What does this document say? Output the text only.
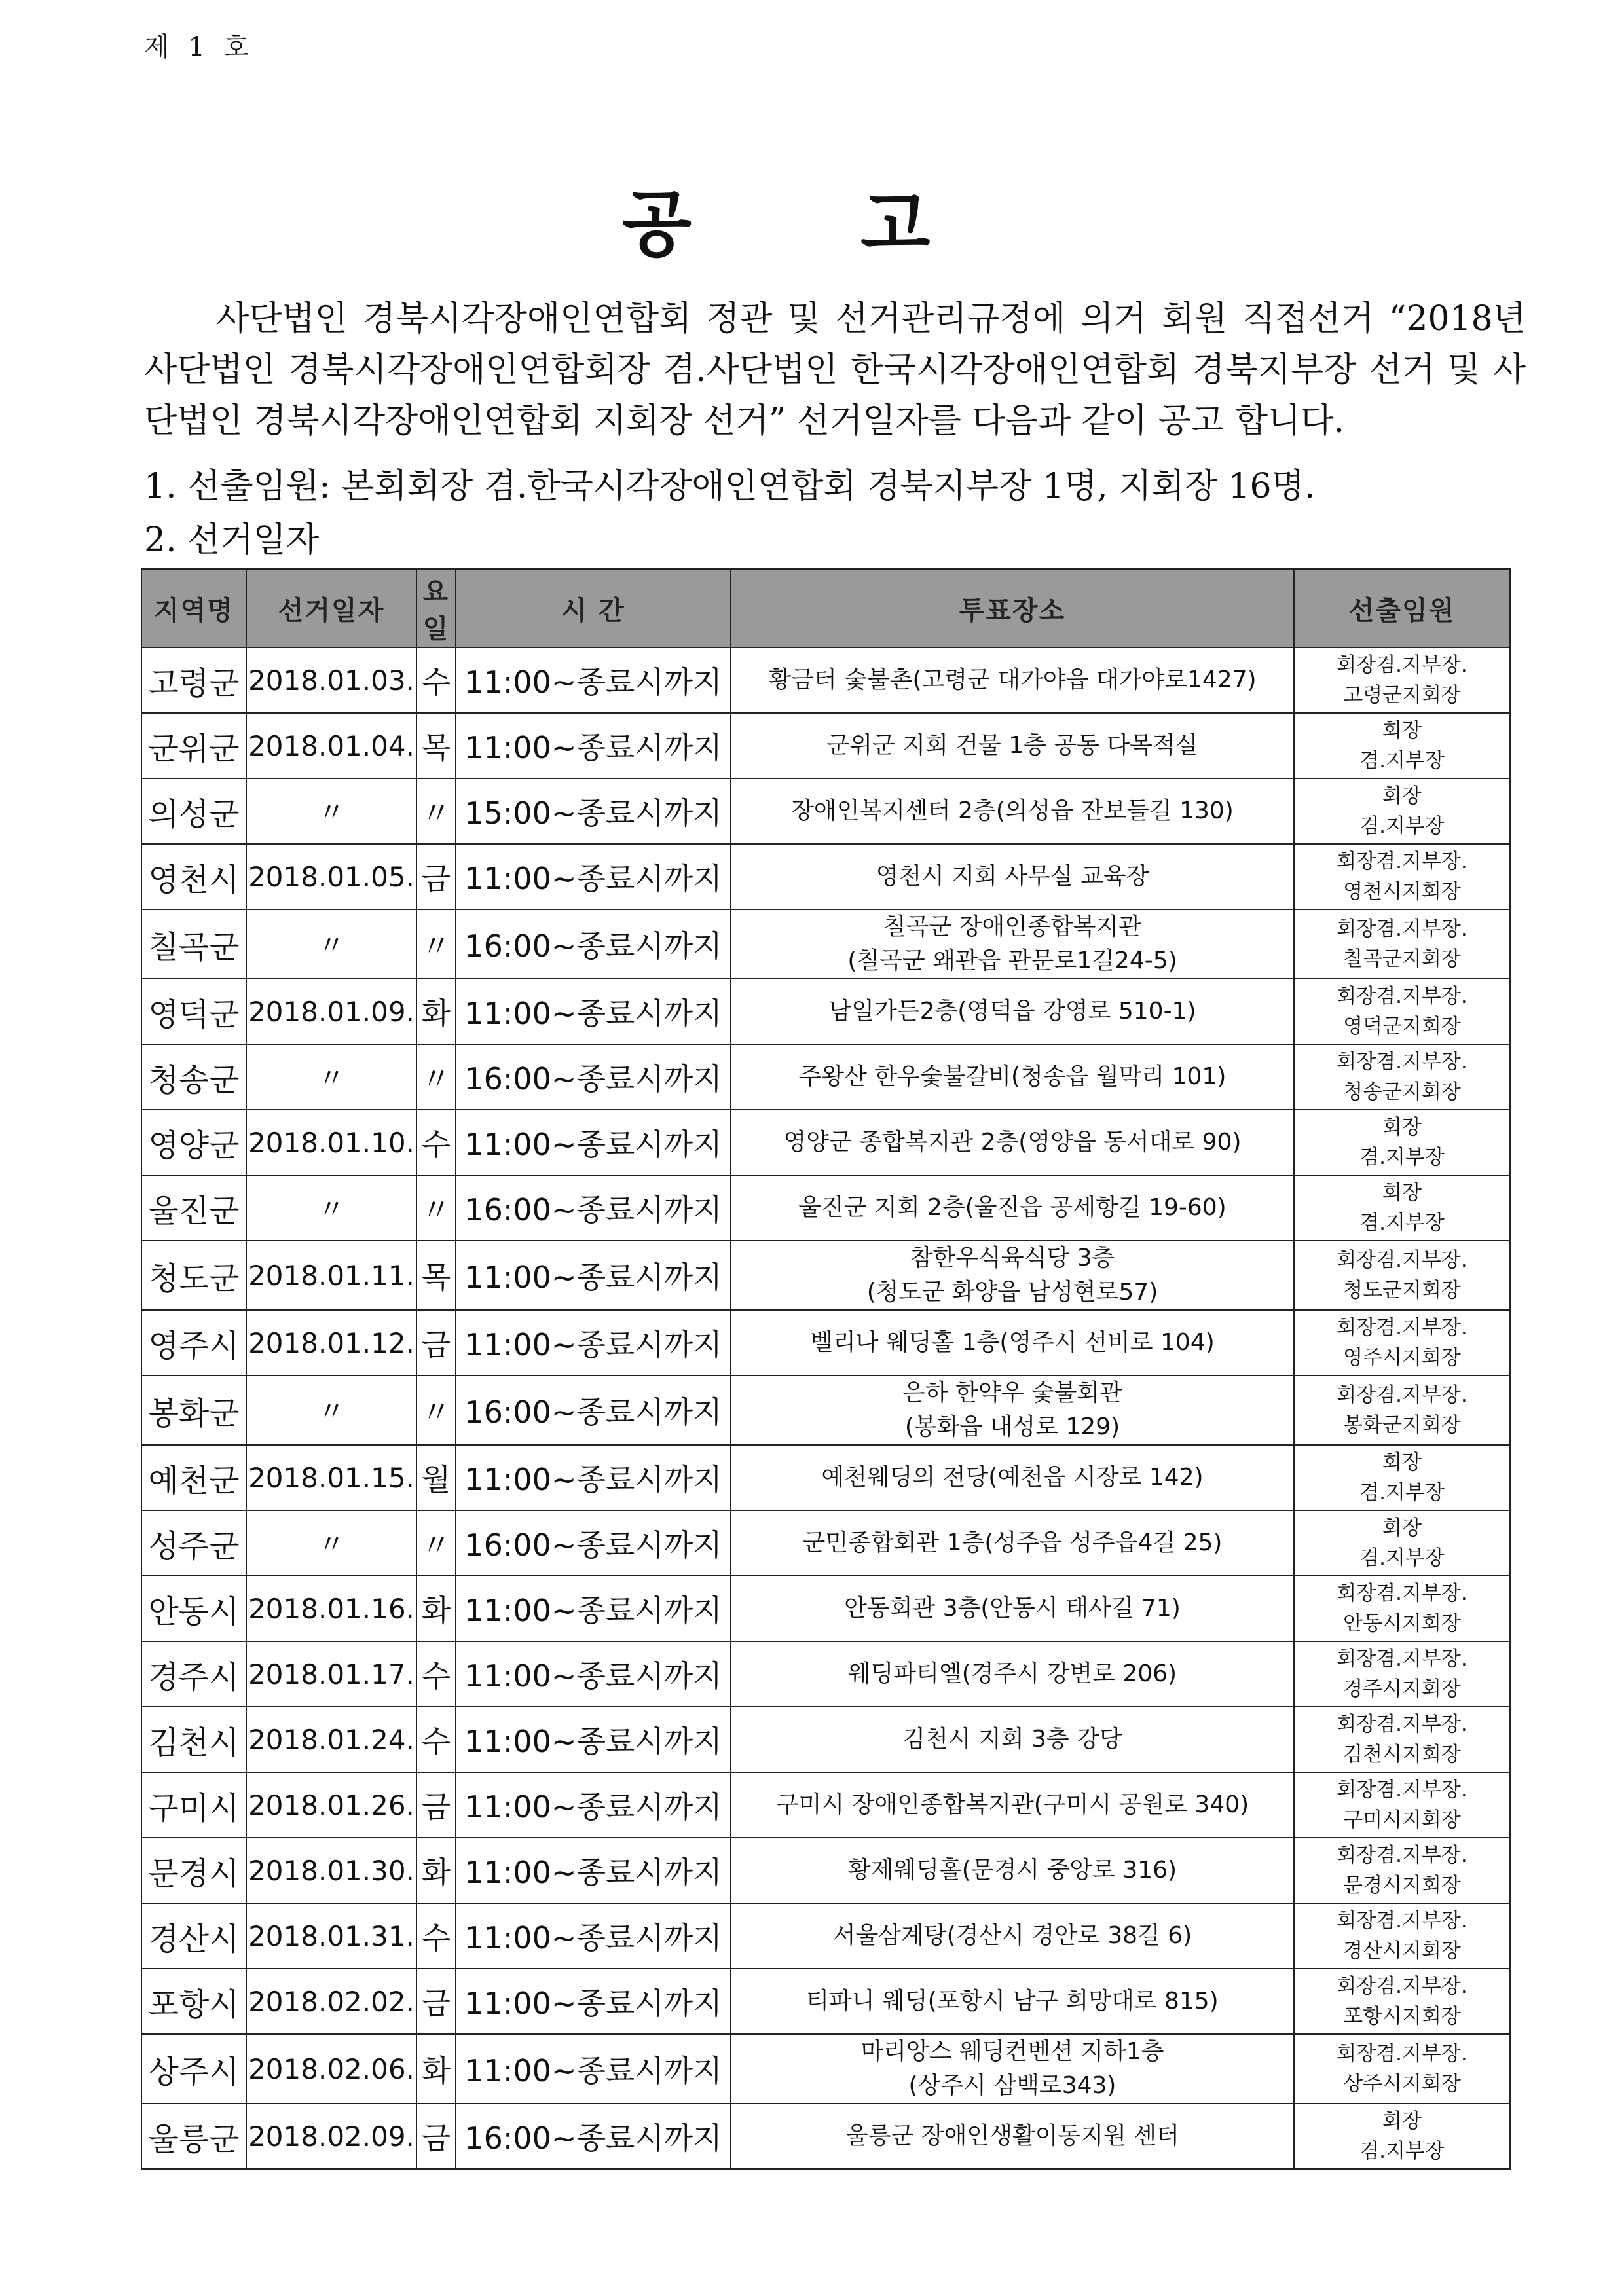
제 1 호
공 고

사단법인 경북시각장애인연합회 정관 및 선거관리규정에 의거 회원 직접선거 “2018년 사단법인 경북시각장애인연합회장 겸.사단법인 한국시각장애인연합회 경북지부장 선거 및 사단법인 경북시각장애인연합회 지회장 선거” 선거일자를 다음과 같이 공고 합니다.

1. 선출임원: 본회회장 겸.한국시각장애인연합회 경북지부장 1명, 지회장 16명.

2. 선거일자

지역명	선거일자	요일	시 간	투표장소	선출임원
고령군	2018.01.03.	수	11:00~종료시까지	황금터 숯불촌(고령군 대가야읍 대가야로1427)	회장겸.지부장.
고령군지회장

군위군	2018.01.04.	목	11:00~종료시까지	군위군 지회 건물 1층 공동 다목적실	회장
겸.지부장

의성군	〃	〃	15:00~종료시까지	장애인복지센터 2층(의성읍 잔보들길 130)	회장
겸.지부장

영천시	2018.01.05.	금	11:00~종료시까지	영천시 지회 사무실 교육장	회장겸.지부장.
영천시지회장

칠곡군	〃	〃	16:00~종료시까지	칠곡군 장애인종합복지관
(칠곡군 왜관읍 관문로1길24-5)	회장겸.지부장.
칠곡군지회장

영덕군	2018.01.09.	화	11:00~종료시까지	남일가든2층(영덕읍 강영로 510-1)	회장겸.지부장.
영덕군지회장

청송군	〃	〃	16:00~종료시까지	주왕산 한우숯불갈비(청송읍 월막리 101)	회장겸.지부장.
청송군지회장

영양군	2018.01.10.	수	11:00~종료시까지	영양군 종합복지관 2층(영양읍 동서대로 90)	회장
겸.지부장

울진군	〃	〃	16:00~종료시까지	울진군 지회 2층(울진읍 공세항길 19-60)	회장
겸.지부장

청도군	2018.01.11.	목	11:00~종료시까지	참한우식육식당 3층
(청도군 화양읍 남성현로57)	회장겸.지부장.
청도군지회장

영주시	2018.01.12.	금	11:00~종료시까지	벨리나 웨딩홀 1층(영주시 선비로 104)	회장겸.지부장.
영주시지회장

봉화군	〃	〃	16:00~종료시까지	은하 한약우 숯불회관
(봉화읍 내성로 129)	회장겸.지부장.
봉화군지회장

예천군	2018.01.15.	월	11:00~종료시까지	예천웨딩의 전당(예천읍 시장로 142)	회장
겸.지부장

성주군	〃	〃	16:00~종료시까지	군민종합회관 1층(성주읍 성주읍4길 25)	회장
겸.지부장

안동시	2018.01.16.	화	11:00~종료시까지	안동회관 3층(안동시 태사길 71)	회장겸.지부장.
안동시지회장

경주시	2018.01.17.	수	11:00~종료시까지	웨딩파티엘(경주시 강변로 206)	회장겸.지부장.
경주시지회장

김천시	2018.01.24.	수	11:00~종료시까지	김천시 지회 3층 강당	회장겸.지부장.
김천시지회장

구미시	2018.01.26.	금	11:00~종료시까지	구미시 장애인종합복지관(구미시 공원로 340)	회장겸.지부장.
구미시지회장

문경시	2018.01.30.	화	11:00~종료시까지	황제웨딩홀(문경시 중앙로 316)	회장겸.지부장.
문경시지회장

경산시	2018.01.31.	수	11:00~종료시까지	서울삼계탕(경산시 경안로 38길 6)	회장겸.지부장.
경산시지회장

포항시	2018.02.02.	금	11:00~종료시까지	티파니 웨딩(포항시 남구 희망대로 815)	회장겸.지부장.
포항시지회장

상주시	2018.02.06.	화	11:00~종료시까지	마리앙스 웨딩컨벤션 지하1층
(상주시 삼백로343)	회장겸.지부장.
상주시지회장

울릉군	2018.02.09.	금	16:00~종료시까지	울릉군 장애인생활이동지원 센터	회장
겸.지부장
